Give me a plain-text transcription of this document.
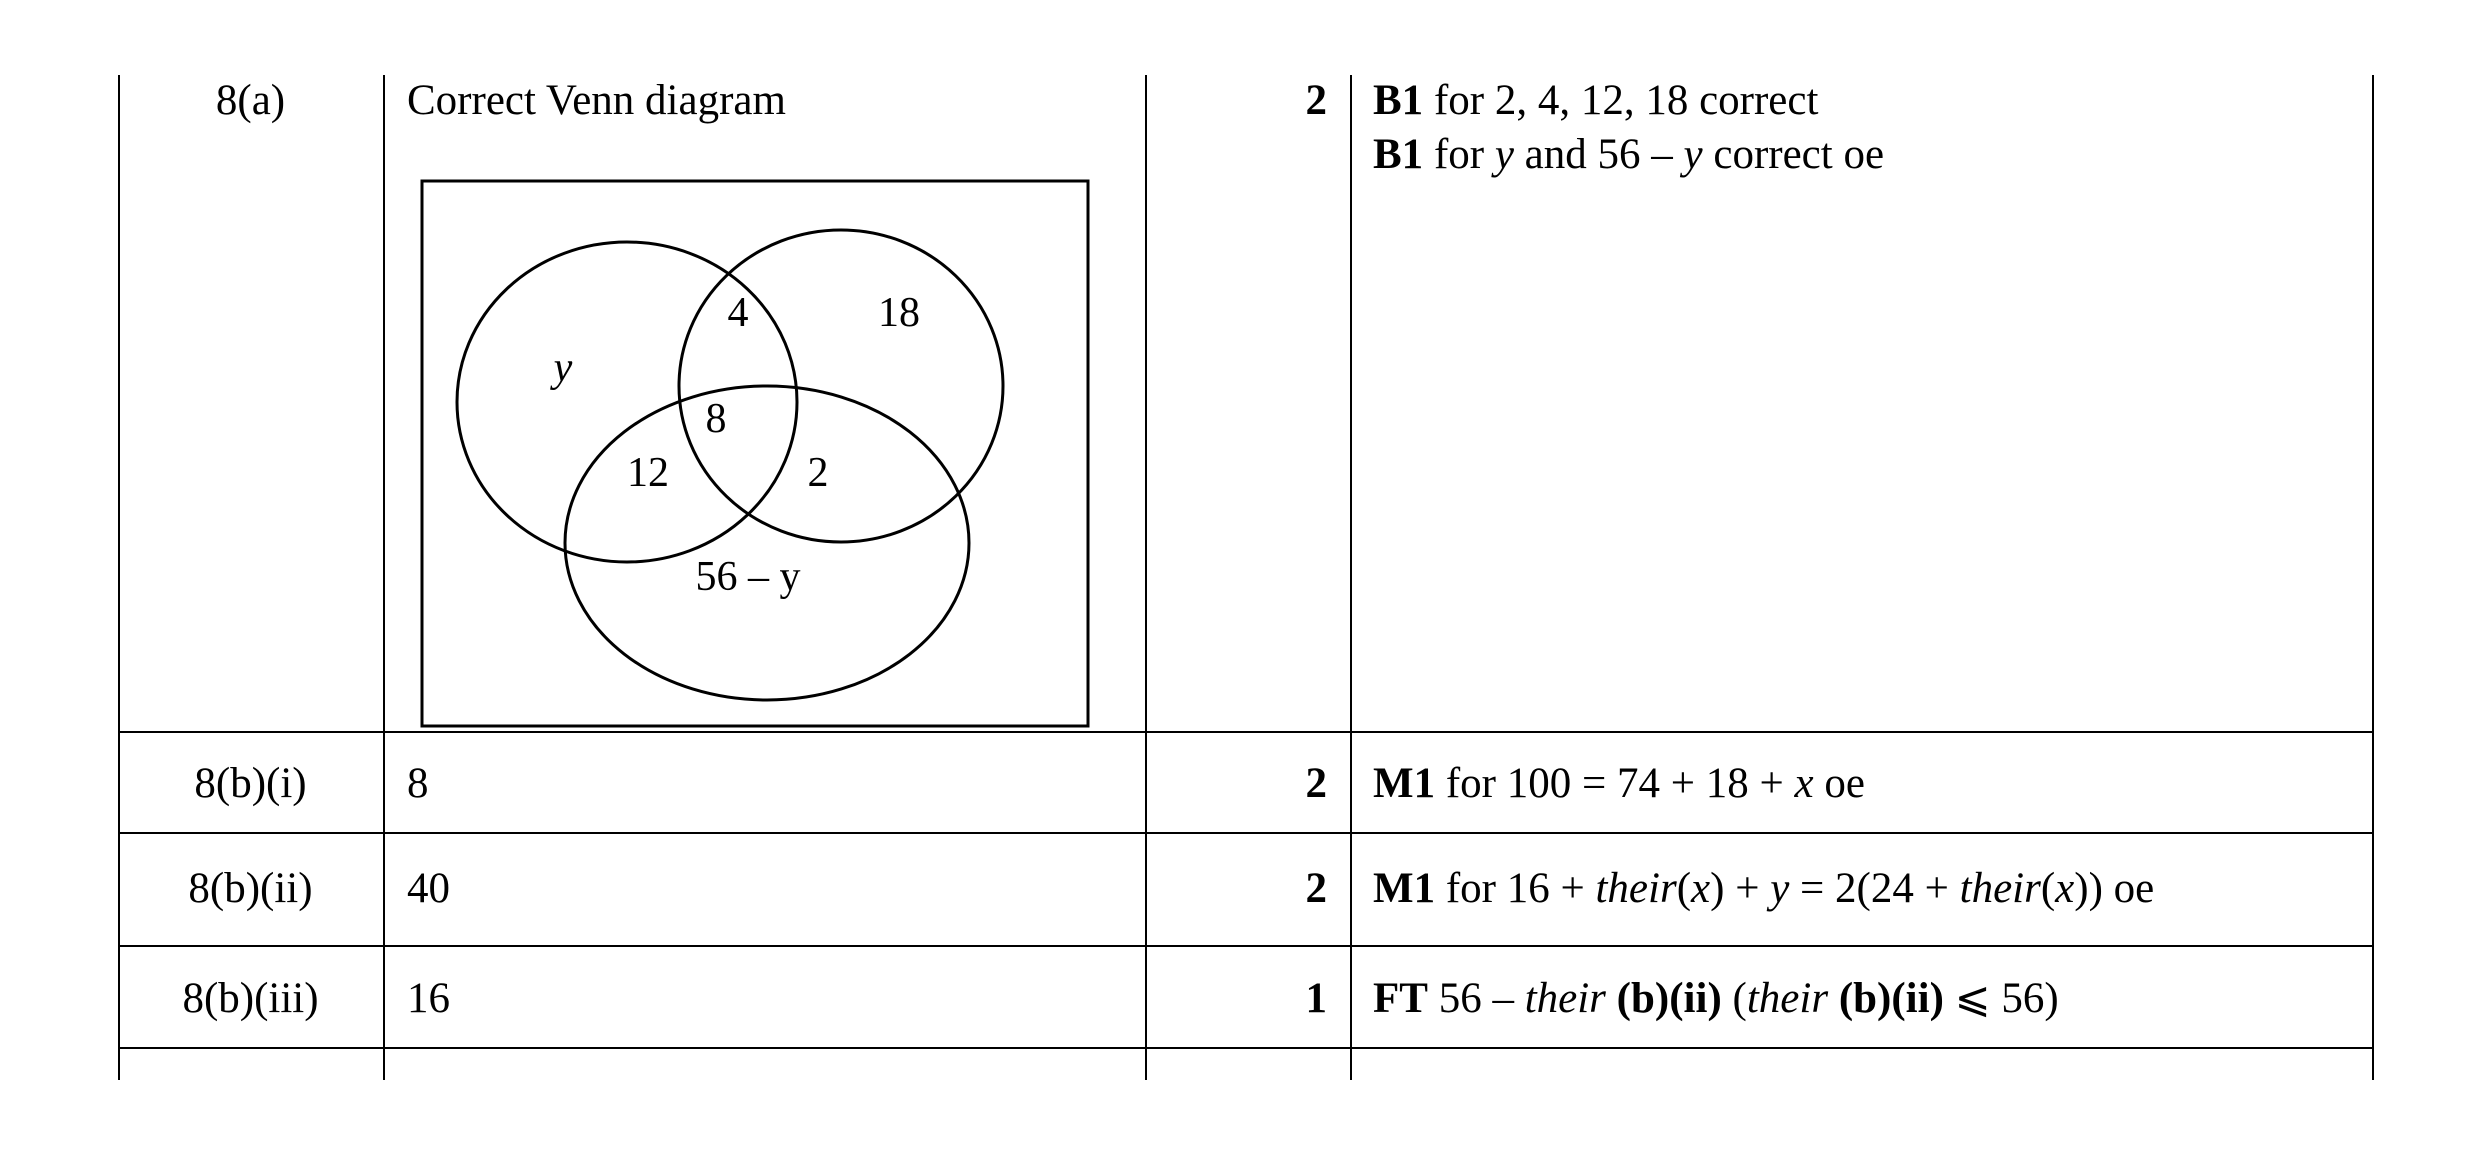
8(a)	Correct Venn diagram	2 B1 for 2, 4, 12, 18 correct
B1 for y and 56 – y correct oe
y
4	18
8
12	2
56 – y
8(b)(i)	8	2 M1 for 100 = 74 + 18 + x oe
8(b)(ii)	40	2 M1 for 16 + their(x) + y = 2(24 + their(x)) oe
8(b)(iii)	16	1 FT 56 – their (b)(ii) (their (b)(ii) ⩽ 56)
